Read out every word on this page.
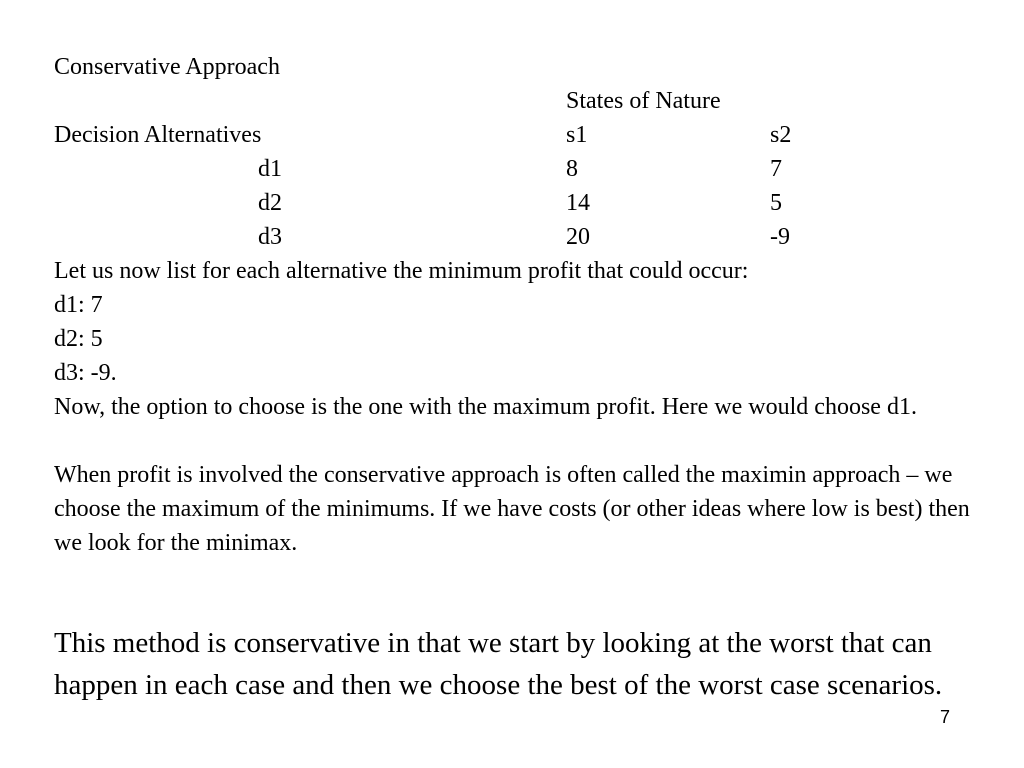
Conservative Approach
States of Nature
Decision Alternatives	s1	s2
d1	8	7
d2	14	5
d3	20	-9
Let us now list for each alternative the minimum profit that could occur:
d1: 7
d2: 5
d3: -9.
Now, the option to choose is the one with the maximum profit. Here we would choose d1.
When profit is involved the conservative approach is often called the maximin approach – we choose the maximum of the minimums. If we have costs (or other ideas where low is best) then we look for the minimax.
This method is conservative in that we start by looking at the worst that can happen in each case and then we choose the best of the worst case scenarios.
7
